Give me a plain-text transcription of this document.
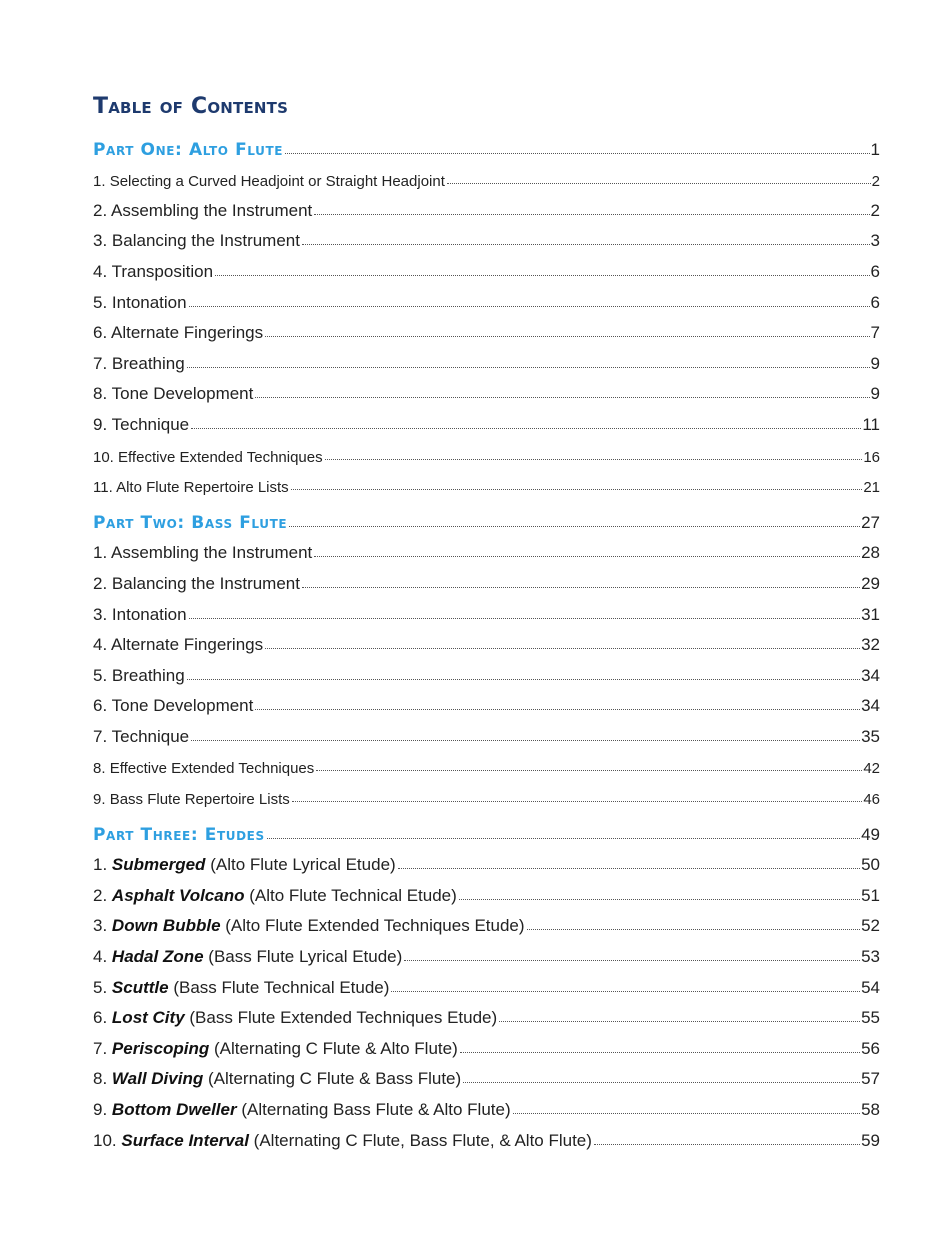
Table of Contents
Part One: Alto Flute	1
1. Selecting a Curved Headjoint or Straight Headjoint	2
2. Assembling the Instrument	2
3. Balancing the Instrument	3
4. Transposition	6
5. Intonation	6
6. Alternate Fingerings	7
7. Breathing	9
8. Tone Development	9
9. Technique	11
10. Effective Extended Techniques	16
11. Alto Flute Repertoire Lists	21
Part Two: Bass Flute	27
1. Assembling the Instrument	28
2. Balancing the Instrument	29
3. Intonation	31
4. Alternate Fingerings	32
5. Breathing	34
6. Tone Development	34
7. Technique	35
8. Effective Extended Techniques	42
9. Bass Flute Repertoire Lists	46
Part Three: Etudes	49
1. Submerged (Alto Flute Lyrical Etude)	50
2. Asphalt Volcano (Alto Flute Technical Etude)	51
3. Down Bubble (Alto Flute Extended Techniques Etude)	52
4. Hadal Zone (Bass Flute Lyrical Etude)	53
5. Scuttle (Bass Flute Technical Etude)	54
6. Lost City (Bass Flute Extended Techniques Etude)	55
7. Periscoping (Alternating C Flute & Alto Flute)	56
8. Wall Diving (Alternating C Flute & Bass Flute)	57
9. Bottom Dweller (Alternating Bass Flute & Alto Flute)	58
10. Surface Interval (Alternating C Flute, Bass Flute, & Alto Flute)	59
